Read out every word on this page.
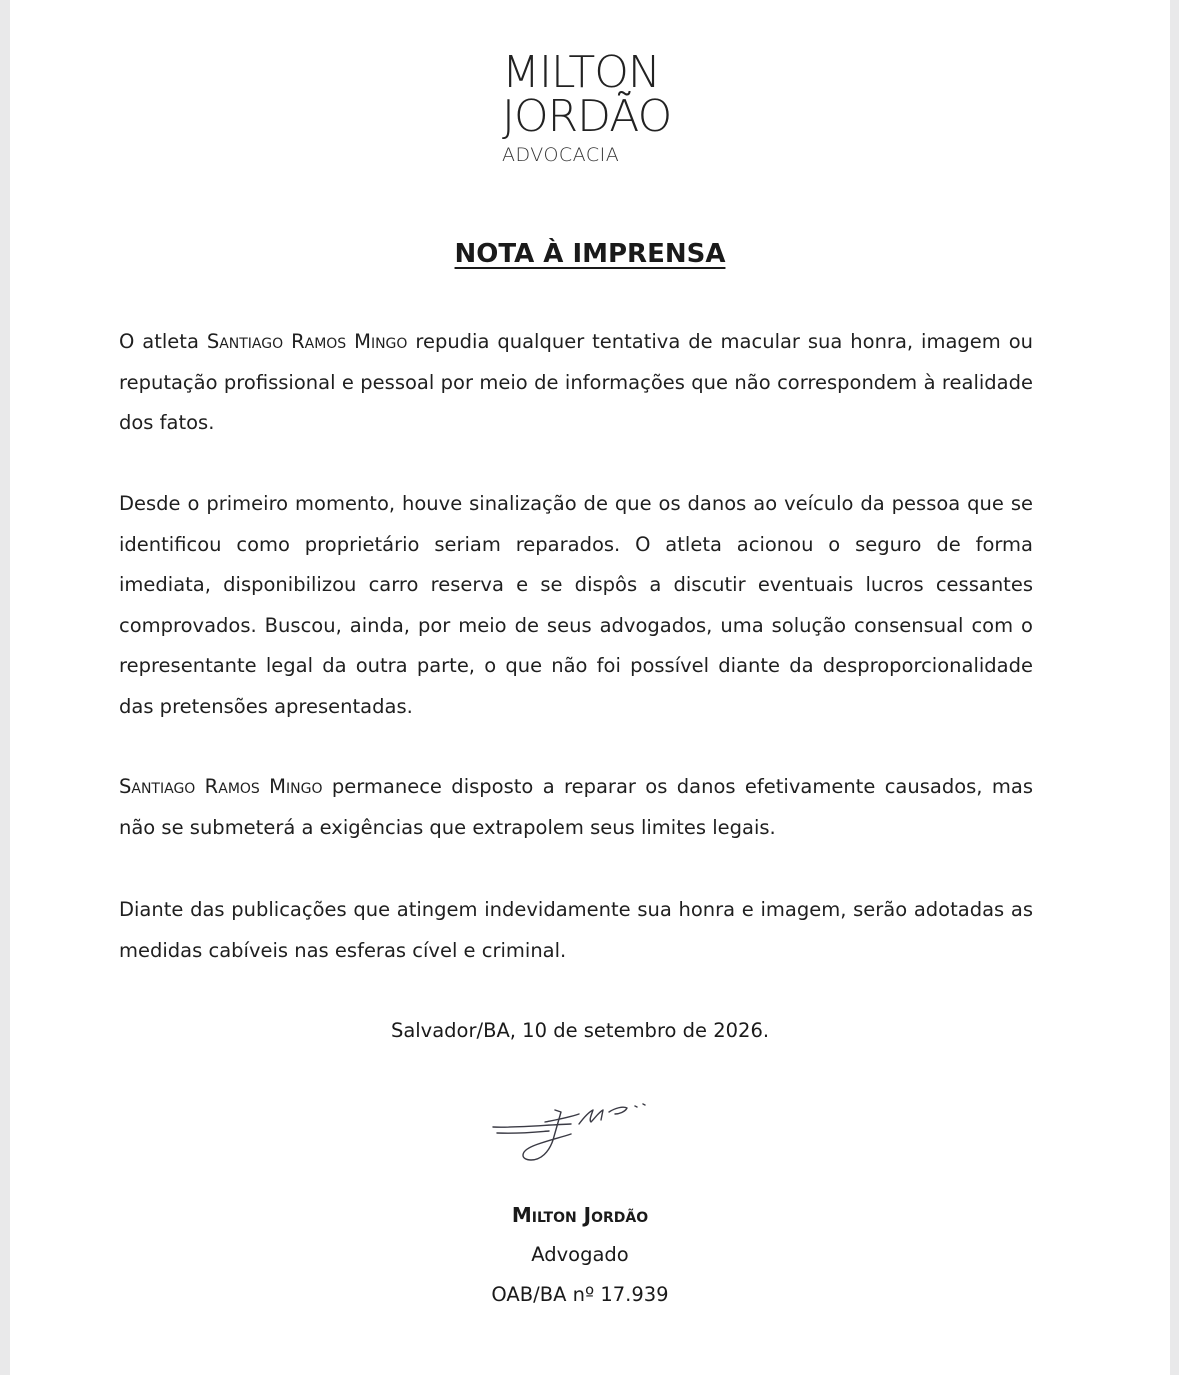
MILTON
JORDÃO
ADVOCACIA
NOTA À IMPRENSA

O atleta Santiago Ramos Mingo repudia qualquer tentativa de macular sua honra, imagem ou reputação profissional e pessoal por meio de informações que não correspondem à realidade dos fatos.

Desde o primeiro momento, houve sinalização de que os danos ao veículo da pessoa que se identificou como proprietário seriam reparados. O atleta acionou o seguro de forma imediata, disponibilizou carro reserva e se dispôs a discutir eventuais lucros cessantes comprovados. Buscou, ainda, por meio de seus advogados, uma solução consensual com o representante legal da outra parte, o que não foi possível diante da desproporcionalidade das pretensões apresentadas.

Santiago Ramos Mingo permanece disposto a reparar os danos efetivamente causados, mas não se submeterá a exigências que extrapolem seus limites legais.

Diante das publicações que atingem indevidamente sua honra e imagem, serão adotadas as medidas cabíveis nas esferas cível e criminal.

Salvador/BA, 10 de setembro de 2026.
Milton Jordão
Advogado
OAB/BA nº 17.939
